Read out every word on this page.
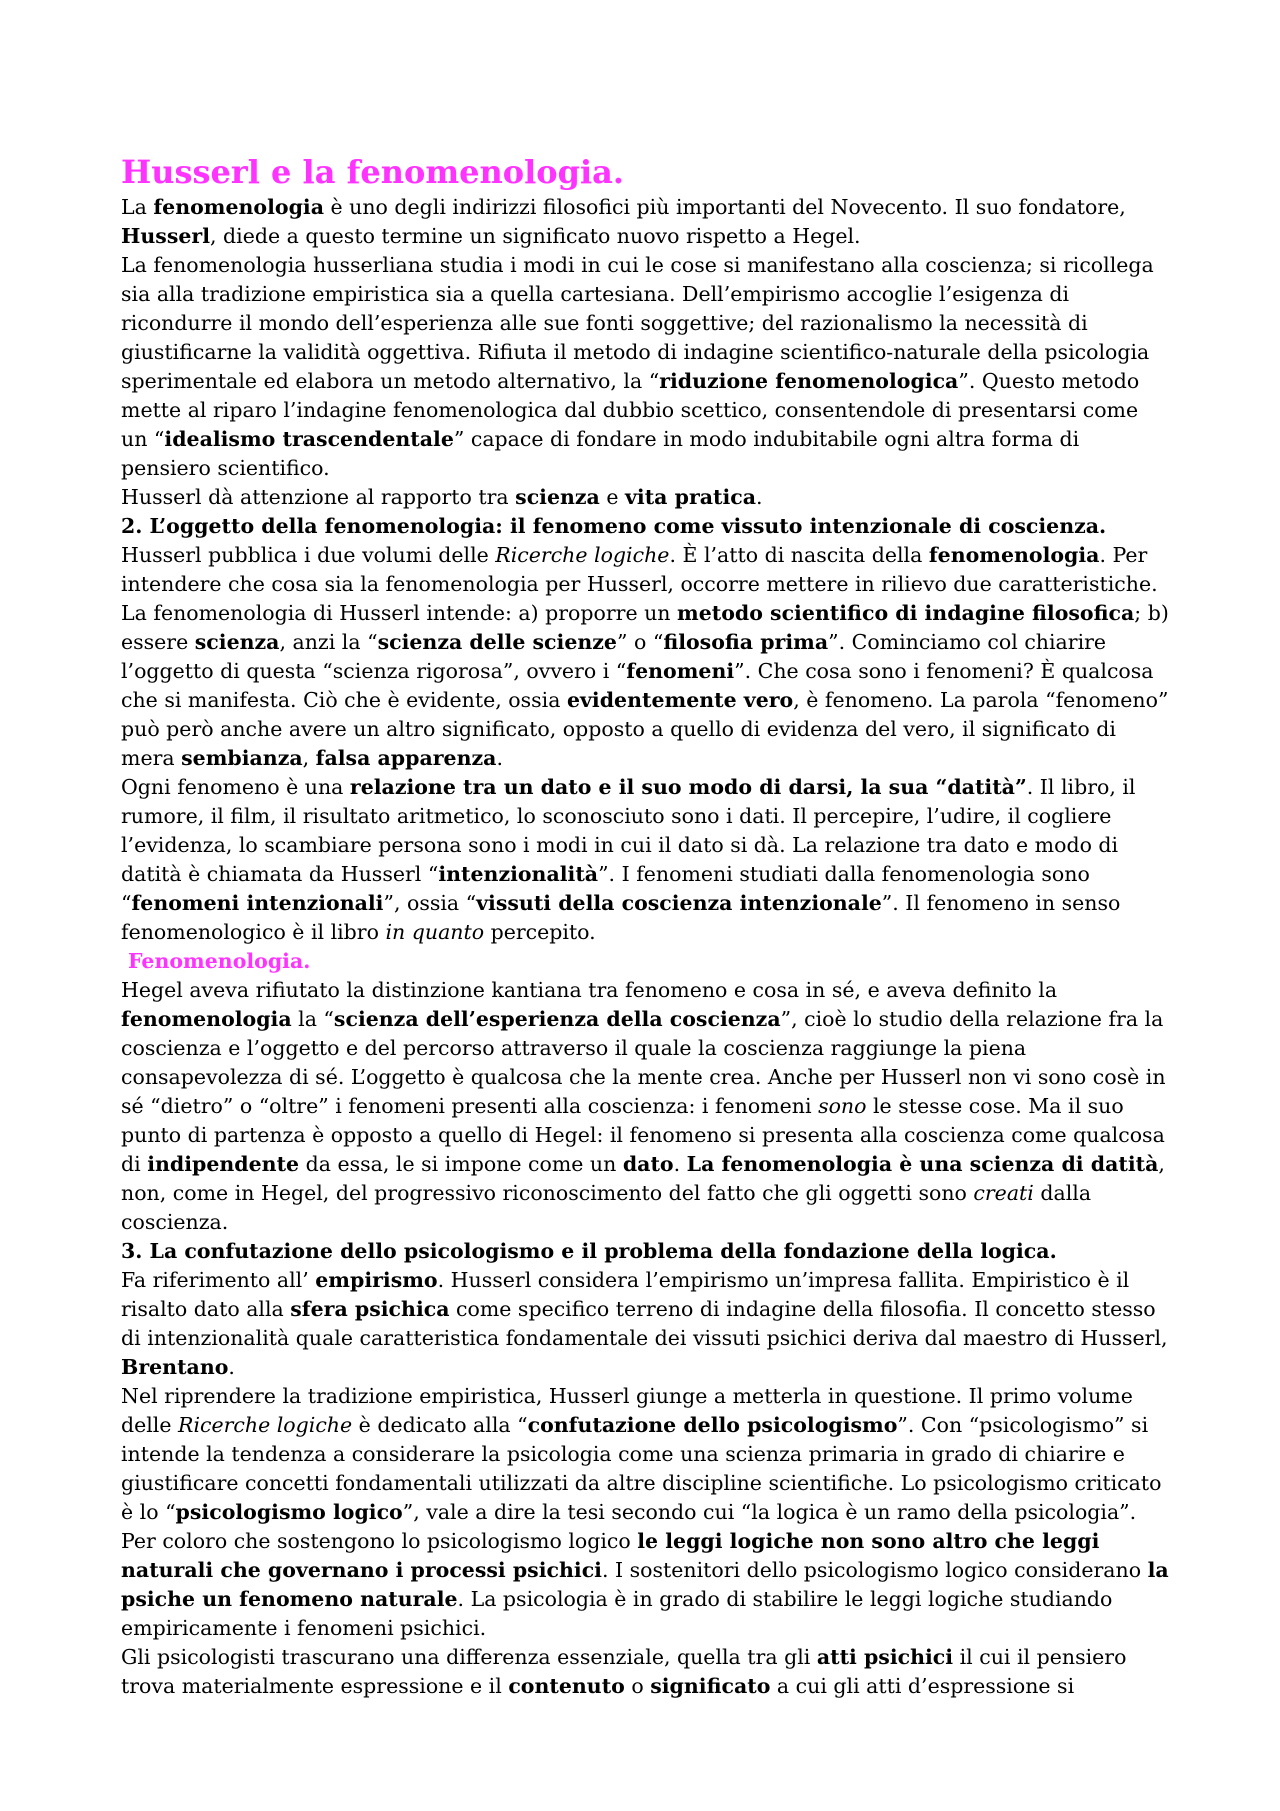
Husserl e la fenomenologia.

La fenomenologia è uno degli indirizzi filosofici più importanti del Novecento. Il suo fondatore, Husserl, diede a questo termine un significato nuovo rispetto a Hegel.

La fenomenologia husserliana studia i modi in cui le cose si manifestano alla coscienza; si ricollega sia alla tradizione empiristica sia a quella cartesiana. Dell’empirismo accoglie l’esigenza di ricondurre il mondo dell’esperienza alle sue fonti soggettive; del razionalismo la necessità di giustificarne la validità oggettiva. Rifiuta il metodo di indagine scientifico-naturale della psicologia sperimentale ed elabora un metodo alternativo, la “riduzione fenomenologica”. Questo metodo mette al riparo l’indagine fenomenologica dal dubbio scettico, consentendole di presentarsi come un “idealismo trascendentale” capace di fondare in modo indubitabile ogni altra forma di pensiero scientifico.

Husserl dà attenzione al rapporto tra scienza e vita pratica.

2. L’oggetto della fenomenologia: il fenomeno come vissuto intenzionale di coscienza.

Husserl pubblica i due volumi delle Ricerche logiche. È l’atto di nascita della fenomenologia. Per intendere che cosa sia la fenomenologia per Husserl, occorre mettere in rilievo due caratteristiche. La fenomenologia di Husserl intende: a) proporre un metodo scientifico di indagine filosofica; b) essere scienza, anzi la “scienza delle scienze” o “filosofia prima”. Cominciamo col chiarire l’oggetto di questa “scienza rigorosa”, ovvero i “fenomeni”. Che cosa sono i fenomeni? È qualcosa che si manifesta. Ciò che è evidente, ossia evidentemente vero, è fenomeno. La parola “fenomeno” può però anche avere un altro significato, opposto a quello di evidenza del vero, il significato di mera sembianza, falsa apparenza.

Ogni fenomeno è una relazione tra un dato e il suo modo di darsi, la sua “datità”. Il libro, il rumore, il film, il risultato aritmetico, lo sconosciuto sono i dati. Il percepire, l’udire, il cogliere l’evidenza, lo scambiare persona sono i modi in cui il dato si dà. La relazione tra dato e modo di datità è chiamata da Husserl “intenzionalità”. I fenomeni studiati dalla fenomenologia sono “fenomeni intenzionali”, ossia “vissuti della coscienza intenzionale”. Il fenomeno in senso fenomenologico è il libro in quanto percepito.

Fenomenologia.

Hegel aveva rifiutato la distinzione kantiana tra fenomeno e cosa in sé, e aveva definito la fenomenologia la “scienza dell’esperienza della coscienza”, cioè lo studio della relazione fra la coscienza e l’oggetto e del percorso attraverso il quale la coscienza raggiunge la piena consapevolezza di sé. L’oggetto è qualcosa che la mente crea. Anche per Husserl non vi sono cosè in sé “dietro” o “oltre” i fenomeni presenti alla coscienza: i fenomeni sono le stesse cose. Ma il suo punto di partenza è opposto a quello di Hegel: il fenomeno si presenta alla coscienza come qualcosa di indipendente da essa, le si impone come un dato. La fenomenologia è una scienza di datità, non, come in Hegel, del progressivo riconoscimento del fatto che gli oggetti sono creati dalla coscienza.

3. La confutazione dello psicologismo e il problema della fondazione della logica.

Fa riferimento all’ empirismo. Husserl considera l’empirismo un’impresa fallita. Empiristico è il risalto dato alla sfera psichica come specifico terreno di indagine della filosofia. Il concetto stesso di intenzionalità quale caratteristica fondamentale dei vissuti psichici deriva dal maestro di Husserl, Brentano.

Nel riprendere la tradizione empiristica, Husserl giunge a metterla in questione. Il primo volume delle Ricerche logiche è dedicato alla “confutazione dello psicologismo”. Con “psicologismo” si intende la tendenza a considerare la psicologia come una scienza primaria in grado di chiarire e giustificare concetti fondamentali utilizzati da altre discipline scientifiche. Lo psicologismo criticato è lo “psicologismo logico”, vale a dire la tesi secondo cui “la logica è un ramo della psicologia”. Per coloro che sostengono lo psicologismo logico le leggi logiche non sono altro che leggi naturali che governano i processi psichici. I sostenitori dello psicologismo logico considerano la psiche un fenomeno naturale. La psicologia è in grado di stabilire le leggi logiche studiando empiricamente i fenomeni psichici.

Gli psicologisti trascurano una differenza essenziale, quella tra gli atti psichici il cui il pensiero trova materialmente espressione e il contenuto o significato a cui gli atti d’espressione si
